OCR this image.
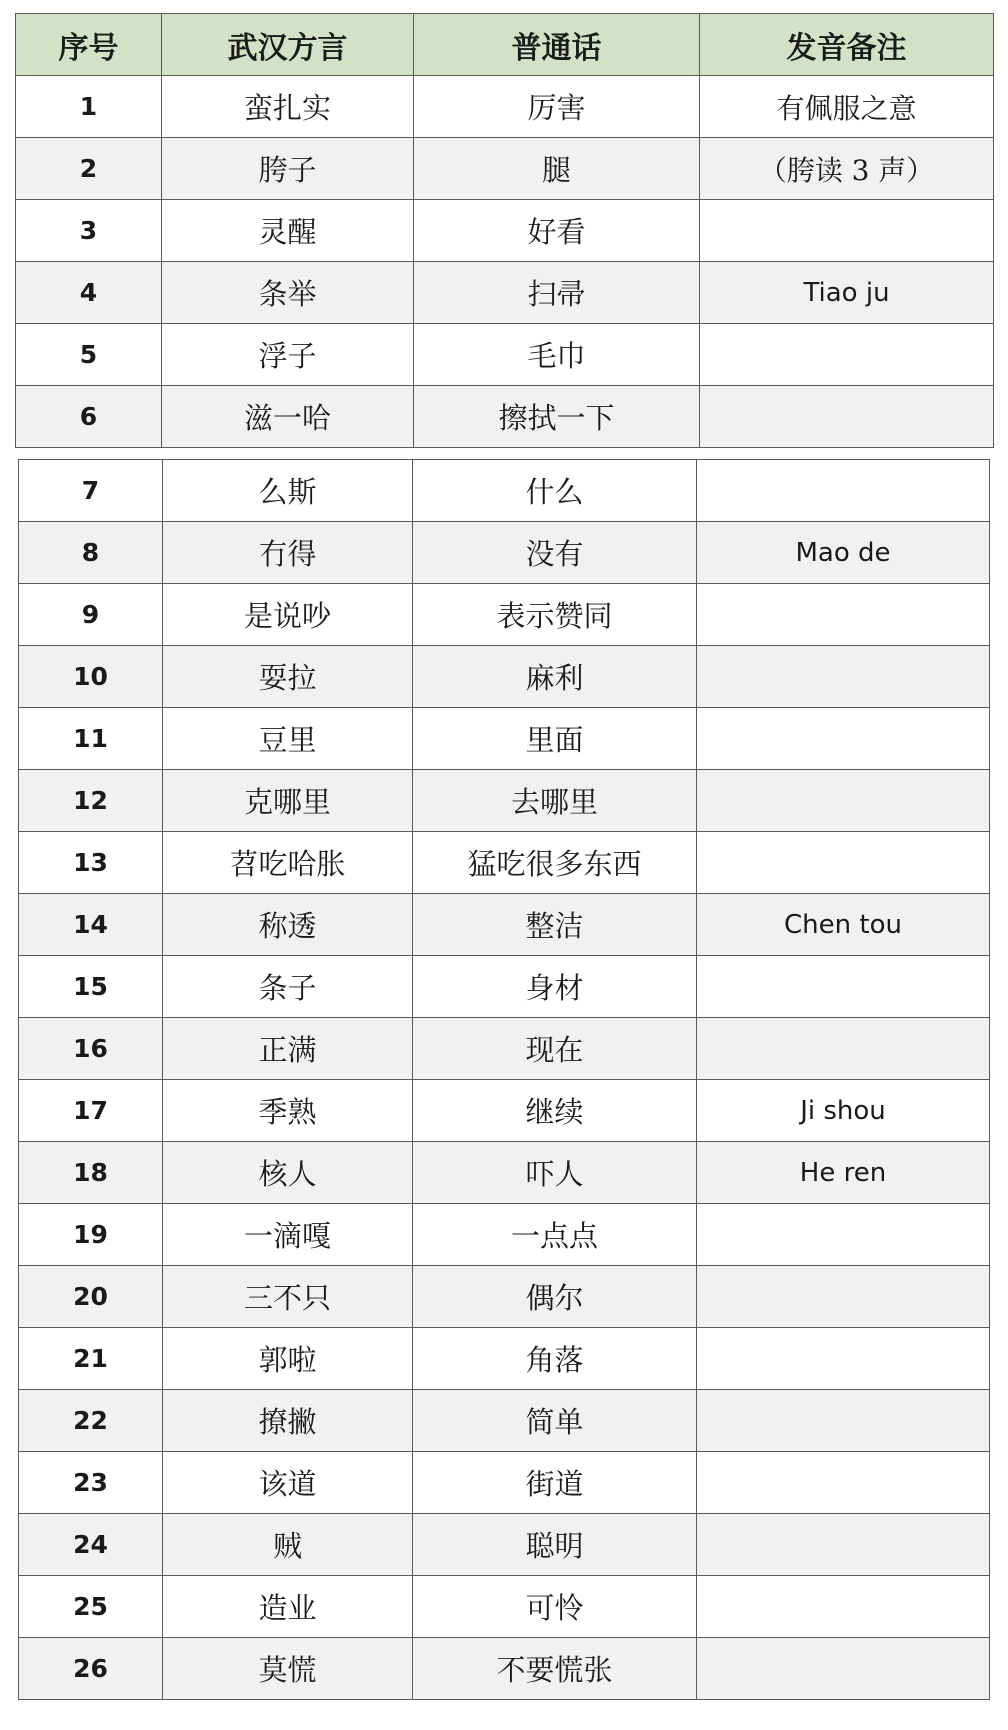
序号	武汉方言	普通话	发音备注
1	蛮扎实	厉害	有佩服之意
2	胯子	腿	（胯读 3 声）
3	灵醒	好看	
4	条举	扫帚	Tiao ju
5	浮子	毛巾	
6	滋一哈	擦拭一下	
7	么斯	什么	
8	冇得	没有	Mao de
9	是说吵	表示赞同	
10	耍拉	麻利	
11	豆里	里面	
12	克哪里	去哪里	
13	苕吃哈胀	猛吃很多东西	
14	称透	整洁	Chen tou
15	条子	身材	
16	正满	现在	
17	季熟	继续	Ji shou
18	核人	吓人	He ren
19	一滴嘎	一点点	
20	三不只	偶尔	
21	郭啦	角落	
22	撩撇	简单	
23	该道	街道	
24	贼	聪明	
25	造业	可怜	
26	莫慌	不要慌张	
